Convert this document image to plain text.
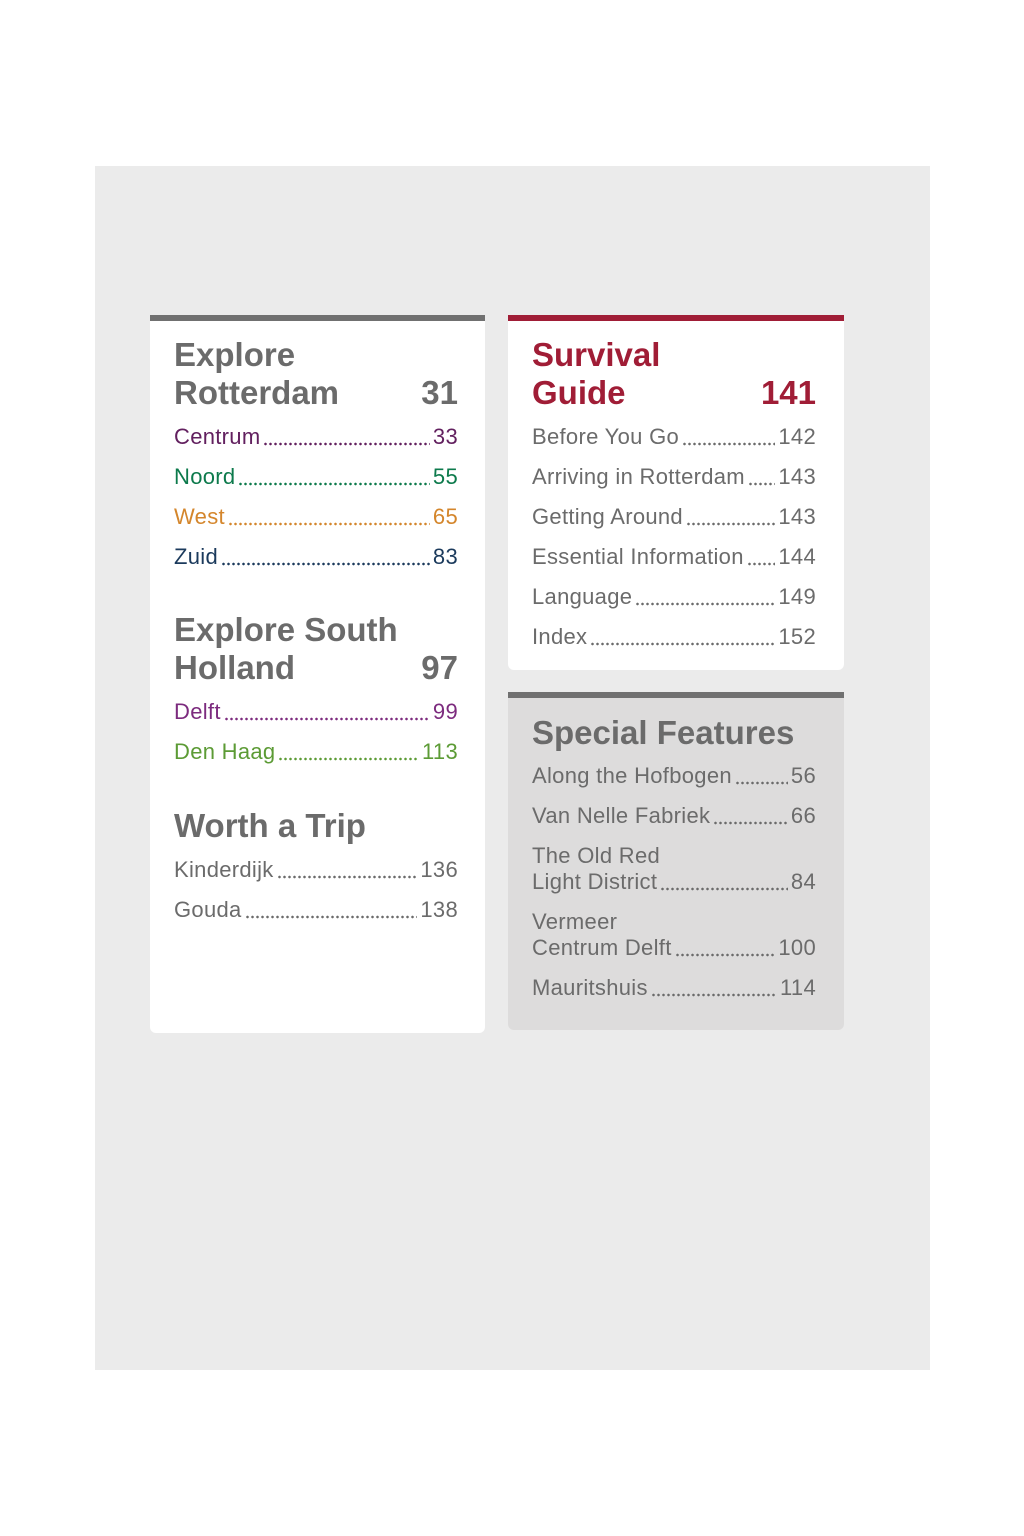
Explore
Rotterdam 31
Centrum	33
Noord	55
West	65
Zuid	83
Explore South
Holland	97
Delft	99
Den Haag	113
Worth a Trip
Kinderdijk	136
Gouda	138
Survival
Guide	141
Before You Go	142
Arriving in Rotterdam 143
Getting Around	143
Essential Information 144
Language	149
Index	152
Special Features
Along the Hofbogen	56
Van Nelle Fabriek	66
The Old Red
Light District	84
Vermeer
Centrum Delft	100
Mauritshuis	114
